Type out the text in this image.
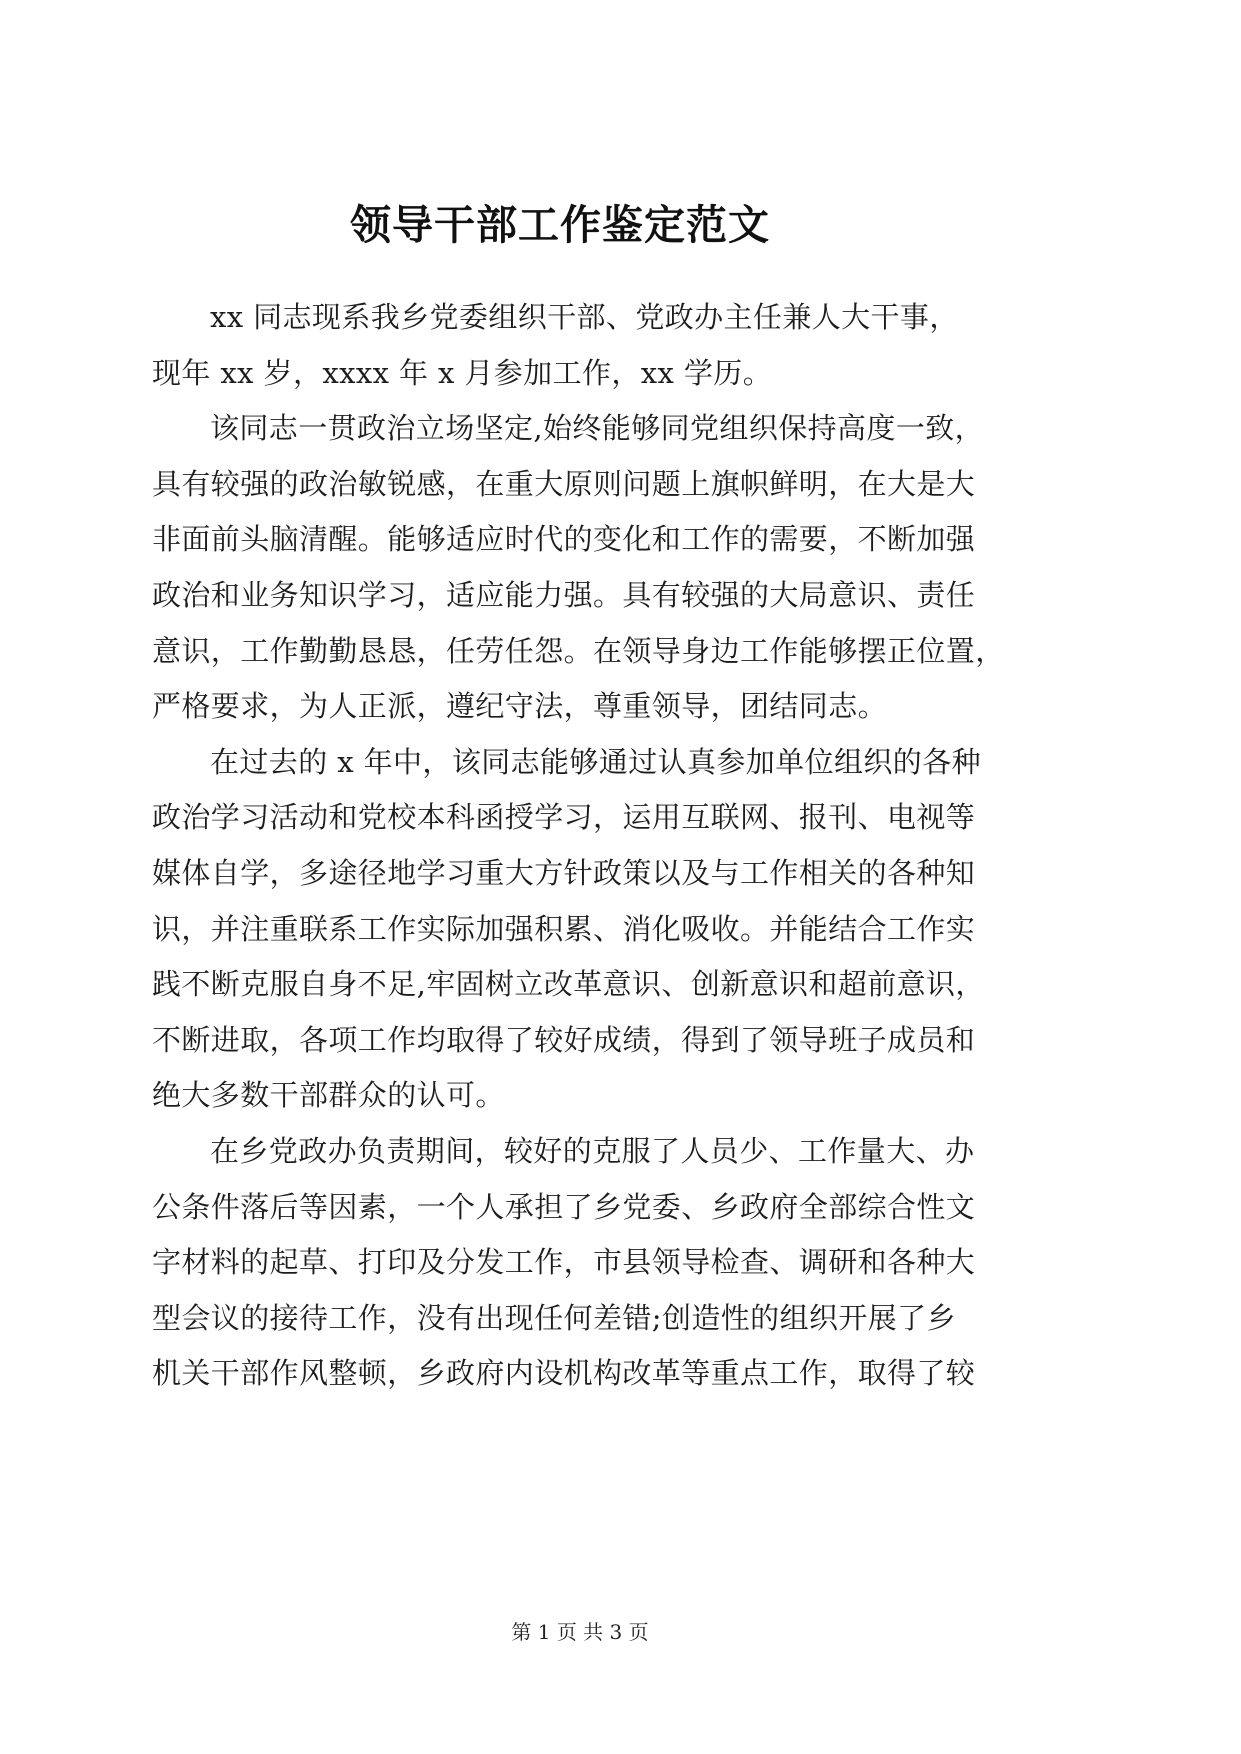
领导干部工作鉴定范文
xx 同志现系我乡党委组织干部、党政办主任兼人大干事，
现年 xx 岁，xxxx 年 x 月参加工作，xx 学历。
该同志一贯政治立场坚定,始终能够同党组织保持高度一致，
具有较强的政治敏锐感，在重大原则问题上旗帜鲜明，在大是大
非面前头脑清醒。能够适应时代的变化和工作的需要，不断加强
政治和业务知识学习，适应能力强。具有较强的大局意识、责任
意识，工作勤勤恳恳，任劳任怨。在领导身边工作能够摆正位置，
严格要求，为人正派，遵纪守法，尊重领导，团结同志。
在过去的 x 年中，该同志能够通过认真参加单位组织的各种
政治学习活动和党校本科函授学习，运用互联网、报刊、电视等
媒体自学，多途径地学习重大方针政策以及与工作相关的各种知
识，并注重联系工作实际加强积累、消化吸收。并能结合工作实
践不断克服自身不足,牢固树立改革意识、创新意识和超前意识，
不断进取，各项工作均取得了较好成绩，得到了领导班子成员和
绝大多数干部群众的认可。
在乡党政办负责期间，较好的克服了人员少、工作量大、办
公条件落后等因素，一个人承担了乡党委、乡政府全部综合性文
字材料的起草、打印及分发工作，市县领导检查、调研和各种大
型会议的接待工作，没有出现任何差错;创造性的组织开展了乡
机关干部作风整顿，乡政府内设机构改革等重点工作，取得了较
第 1 页 共 3 页
